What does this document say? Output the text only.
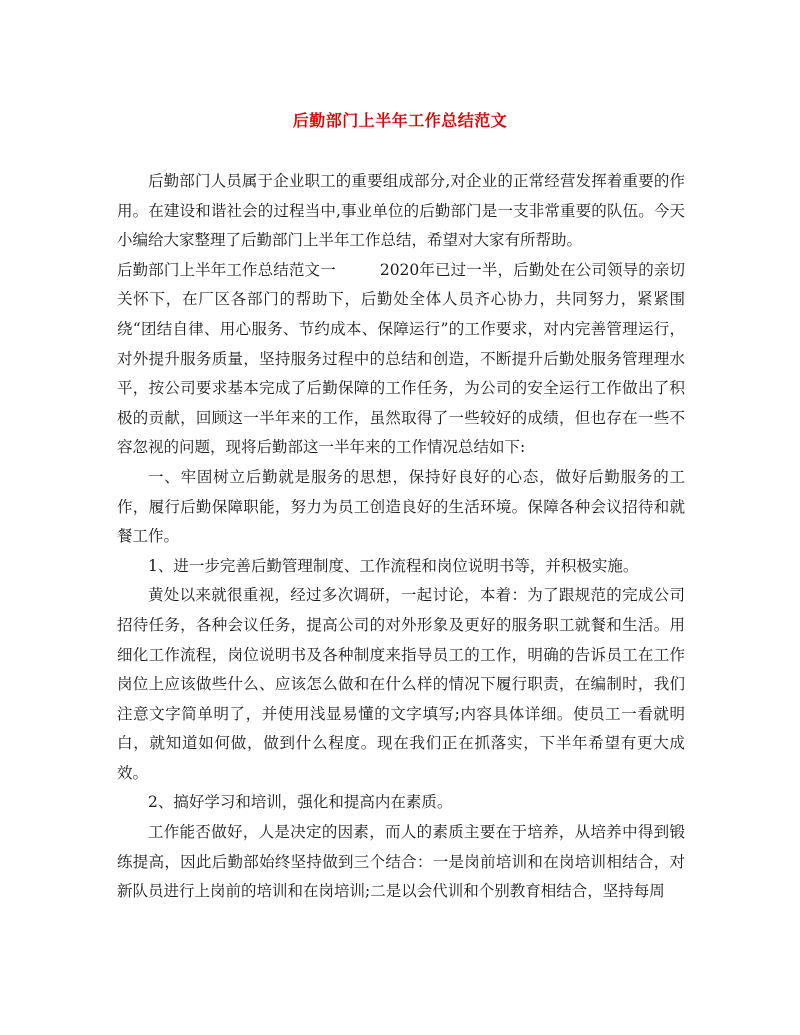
后勤部门上半年工作总结范文

后勤部门人员属于企业职工的重要组成部分,对企业的正常经营发挥着重要的作用。在建设和谐社会的过程当中,事业单位的后勤部门是一支非常重要的队伍。今天小编给大家整理了后勤部门上半年工作总结，希望对大家有所帮助。

后勤部门上半年工作总结范文一	2020年已过一半，后勤处在公司领导的亲切关怀下，在厂区各部门的帮助下，后勤处全体人员齐心协力，共同努力，紧紧围绕“团结自律、用心服务、节约成本、保障运行”的工作要求，对内完善管理运行，对外提升服务质量，坚持服务过程中的总结和创造，不断提升后勤处服务管理理水平，按公司要求基本完成了后勤保障的工作任务，为公司的安全运行工作做出了积极的贡献，回顾这一半年来的工作，虽然取得了一些较好的成绩，但也存在一些不容忽视的问题，现将后勤部这一半年来的工作情况总结如下:

一、牢固树立后勤就是服务的思想，保持好良好的心态，做好后勤服务的工作，履行后勤保障职能，努力为员工创造良好的生活环境。保障各种会议招待和就餐工作。

1、进一步完善后勤管理制度、工作流程和岗位说明书等，并积极实施。

黄处以来就很重视，经过多次调研，一起讨论，本着：为了跟规范的完成公司招待任务，各种会议任务，提高公司的对外形象及更好的服务职工就餐和生活。用细化工作流程，岗位说明书及各种制度来指导员工的工作，明确的告诉员工在工作岗位上应该做些什么、应该怎么做和在什么样的情况下履行职责，在编制时，我们注意文字简单明了，并使用浅显易懂的文字填写;内容具体详细。使员工一看就明白，就知道如何做，做到什么程度。现在我们正在抓落实，下半年希望有更大成效。

2、搞好学习和培训，强化和提高内在素质。

工作能否做好，人是决定的因素，而人的素质主要在于培养，从培养中得到锻练提高，因此后勤部始终坚持做到三个结合：一是岗前培训和在岗培训相结合，对新队员进行上岗前的培训和在岗培训;二是以会代训和个别教育相结合，坚持每周
